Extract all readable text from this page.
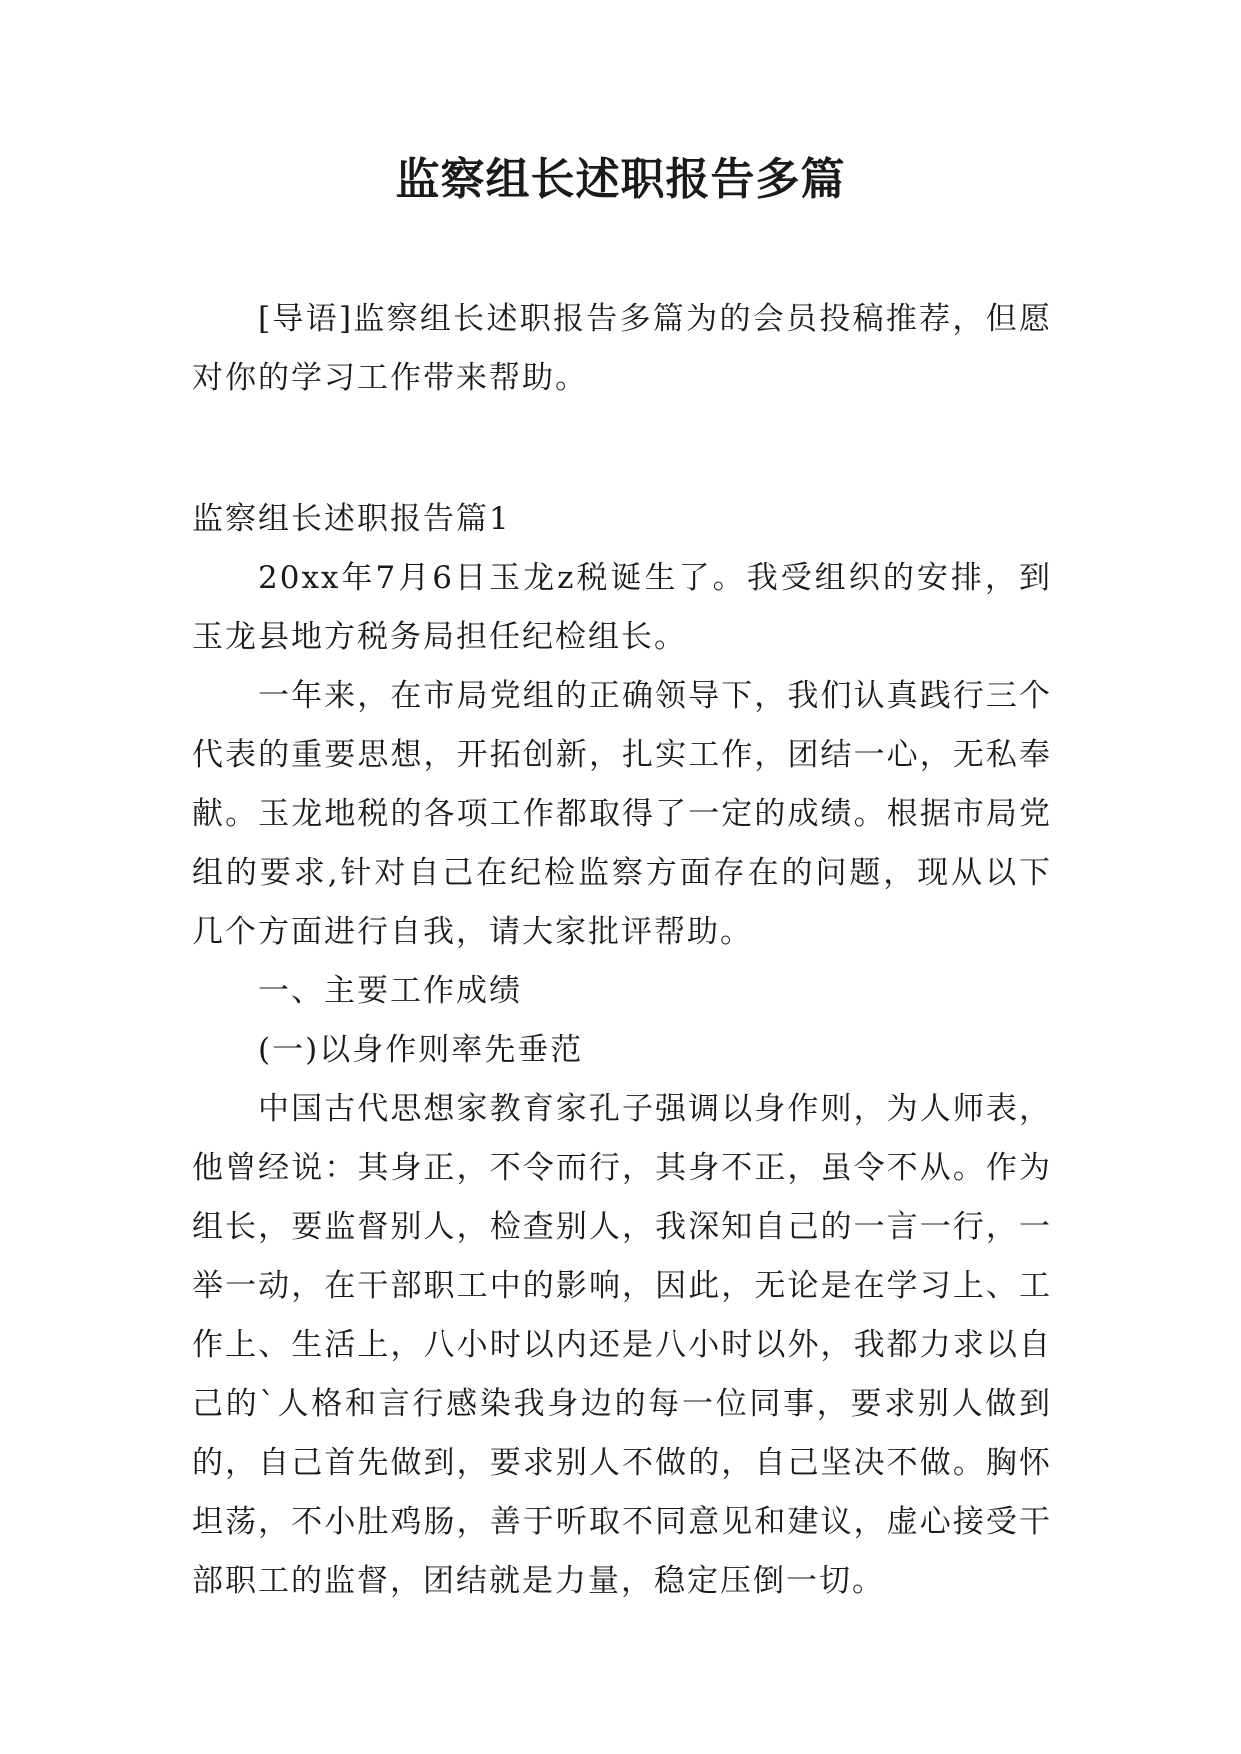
监察组长述职报告多篇

[导语]监察组长述职报告多篇为的会员投稿推荐，但愿对你的学习工作带来帮助。

监察组长述职报告篇1

20xx年7月6日玉龙z税诞生了。我受组织的安排，到玉龙县地方税务局担任纪检组长。

一年来，在市局党组的正确领导下，我们认真践行三个代表的重要思想，开拓创新，扎实工作，团结一心，无私奉献。玉龙地税的各项工作都取得了一定的成绩。根据市局党组的要求,针对自己在纪检监察方面存在的问题，现从以下几个方面进行自我，请大家批评帮助。

一、主要工作成绩

(一)以身作则率先垂范

中国古代思想家教育家孔子强调以身作则，为人师表，他曾经说：其身正，不令而行，其身不正，虽令不从。作为组长，要监督别人，检查别人，我深知自己的一言一行，一举一动，在干部职工中的影响，因此，无论是在学习上、工作上、生活上，八小时以内还是八小时以外，我都力求以自己的`人格和言行感染我身边的每一位同事，要求别人做到的，自己首先做到，要求别人不做的，自己坚决不做。胸怀坦荡，不小肚鸡肠，善于听取不同意见和建议，虚心接受干部职工的监督，团结就是力量，稳定压倒一切。
